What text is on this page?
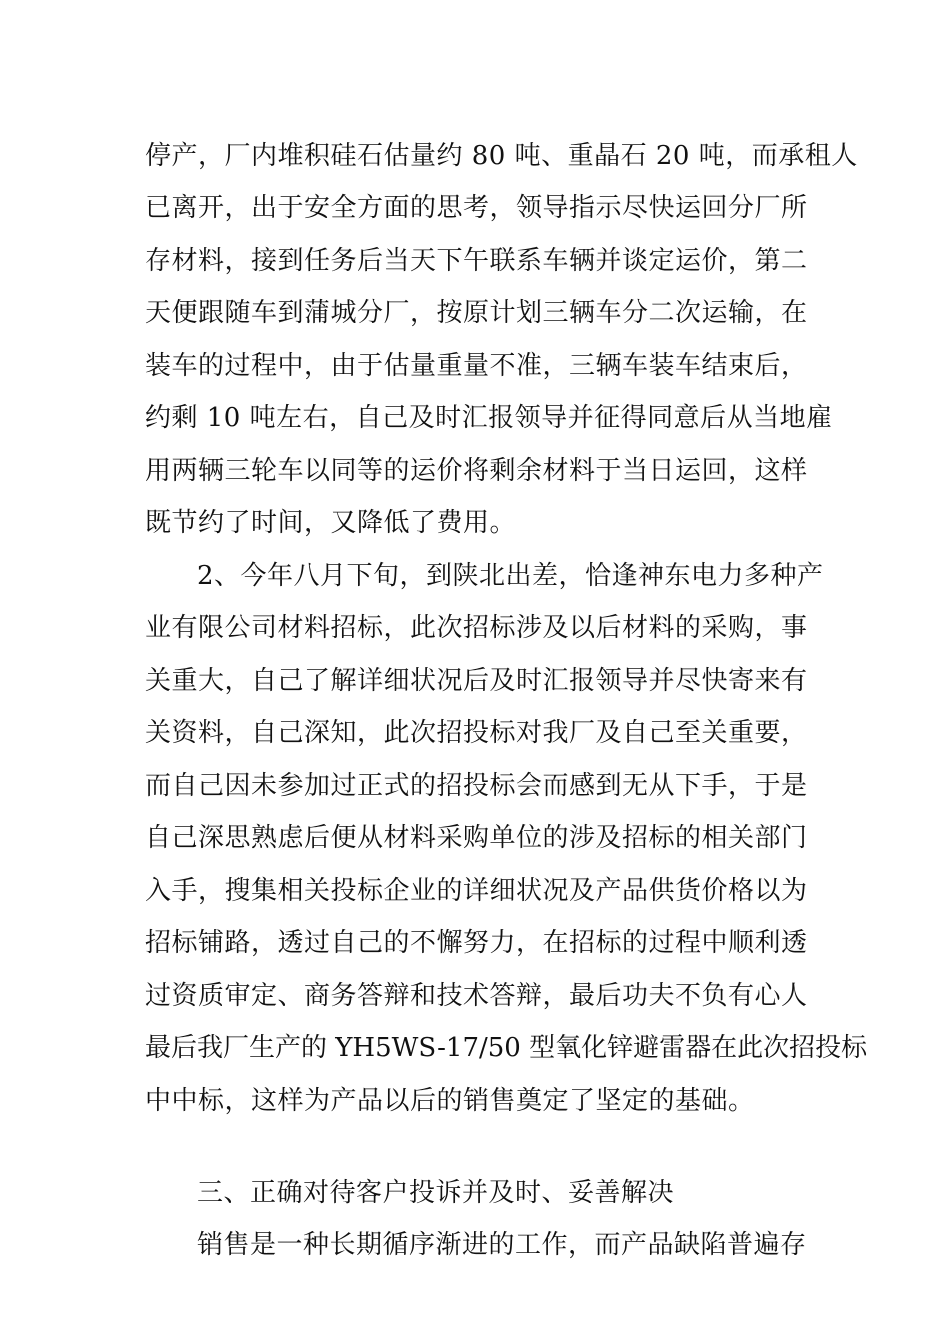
停产，厂内堆积硅石估量约 80 吨、重晶石 20 吨，而承租人
已离开，出于安全方面的思考，领导指示尽快运回分厂所
存材料，接到任务后当天下午联系车辆并谈定运价，第二
天便跟随车到蒲城分厂，按原计划三辆车分二次运输，在
装车的过程中，由于估量重量不准，三辆车装车结束后，
约剩 10 吨左右，自己及时汇报领导并征得同意后从当地雇
用两辆三轮车以同等的运价将剩余材料于当日运回，这样
既节约了时间，又降低了费用。
2、今年八月下旬，到陕北出差，恰逢神东电力多种产
业有限公司材料招标，此次招标涉及以后材料的采购，事
关重大，自己了解详细状况后及时汇报领导并尽快寄来有
关资料，自己深知，此次招投标对我厂及自己至关重要，
而自己因未参加过正式的招投标会而感到无从下手，于是
自己深思熟虑后便从材料采购单位的涉及招标的相关部门
入手，搜集相关投标企业的详细状况及产品供货价格以为
招标铺路，透过自己的不懈努力，在招标的过程中顺利透
过资质审定、商务答辩和技术答辩，最后功夫不负有心人
最后我厂生产的 YH5WS-17/50 型氧化锌避雷器在此次招投标
中中标，这样为产品以后的销售奠定了坚定的基础。
三、正确对待客户投诉并及时、妥善解决
销售是一种长期循序渐进的工作，而产品缺陷普遍存
